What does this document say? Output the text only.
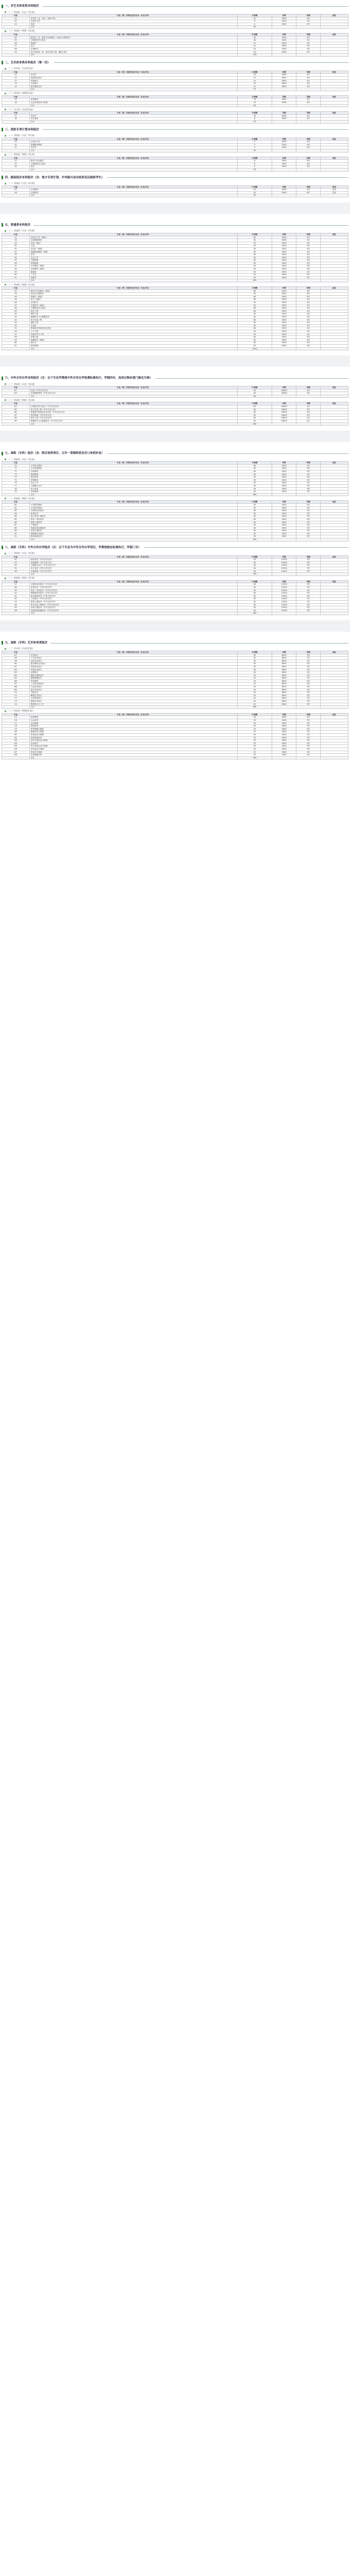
一、非艺术体育类本科批次
（一）普通类（历史）科目组
专业	专业（类）名称及包含专业（专业方向）	计划数	学费	学制	备注
01	法学类（含：法学、知识产权）	10	5500	4年	
02	汉语言文学	6	5500	4年	
03	英语	4	5500	4年	
	合计	20			
（二）普通类（物理）科目组
专业	专业（类）名称及包含专业（专业方向）	计划数	学费	学制	备注
04	数学类（含：数学与应用数学、信息与计算科学）	40	5500	4年	
05	计算机科学与技术	30	5500	4年	
06	物理学	12	5500	4年	
07	化学	12	5500	4年	
08	生物科学	10	5500	4年	
09	电子信息类（含：电子信息工程、通信工程）	24	5500	4年	
	合计	128			
二、艺术体育类本科批次（第一次）
（一）美术类（历史科目组）
专业	专业（类）名称及包含专业（专业方向）	计划数	学费	学制	备注
10	美术学	20	9000	4年	
11	视觉传达设计	15	9000	4年	
12	环境设计	15	9000	4年	
13	产品设计	10	9000	4年	
14	数字媒体艺术	10	9000	4年	
	合计	70			
（二）体育类（物理科目组）
专业	专业（类）名称及包含专业（专业方向）	计划数	学费	学制	备注
15	体育教育	30	5500	4年	
16	社会体育指导与管理	10	5500	4年	
	合计	40			
（三）音乐类（历史科目组）
专业	专业（类）名称及包含专业（专业方向）	计划数	学费	学制	备注
17	音乐学	16	9000	4年	
18	音乐表演	8	9000	4年	
	合计	24			
三、国家专项计划本科批次
（一）普通类（历史）科目组
专业	专业（类）名称及包含专业（专业方向）	计划数	学费	学制	备注
19	汉语言文学	5	5500	4年	
20	思想政治教育	5	5500	4年	
21	历史学	4	5500	4年	
	合计	14			
（二）普通类（物理）科目组
专业	专业（类）名称及包含专业（专业方向）	计划数	学费	学制	备注
22	数学与应用数学	6	5500	4年	
23	计算机科学与技术	6	5500	4年	
24	化学	4	5500	4年	
	合计	16			
四、提前批次本科批次（含：地方专项计划、乡村振兴定向培养及民族班学生）
（一）普通类（历史）科目组
专业	专业（类）名称及包含专业（专业方向）	计划数	学费	学制	备注
25	小学教育	20	5500	4年	定向
26	学前教育	20	5500	4年	定向
	合计	40			
五、普通类本科批次
（一）普通类（历史）科目组
专业	专业（类）名称及包含专业（专业方向）	计划数	学费	学制	备注
27	汉语言文学（师范）	60	5500	4年	
28	汉语国际教育	30	5500	4年	
29	英语（师范）	50	5500	4年	
30	日语	20	5500	4年	
31	历史学（师范）	40	5500	4年	
32	思想政治教育（师范）	40	5500	4年	
33	法学	40	5500	4年	
34	社会工作	30	5500	4年	
35	行政管理	30	5500	4年	
36	旅游管理	30	5500	4年	
37	小学教育（师范）	50	5500	4年	
38	学前教育（师范）	50	5500	4年	
39	新闻学	30	5500	4年	
40	广告学	30	5500	4年	
41	档案学	20	5500	4年	
	合计	550			
（二）普通类（物理）科目组
专业	专业（类）名称及包含专业（专业方向）	计划数	学费	学制	备注
42	数学与应用数学（师范）	80	5500	4年	
43	信息与计算科学	40	5500	4年	
44	物理学（师范）	60	5500	4年	
45	化学（师范）	60	5500	4年	
46	应用化学	40	5500	4年	
47	生物科学（师范）	50	5500	4年	
48	计算机科学与技术	80	5500	4年	
49	软件工程	60	5500	4年	
50	网络工程	40	5500	4年	
51	数据科学与大数据技术	40	5500	4年	
52	电子信息工程	60	5500	4年	
53	通信工程	40	5500	4年	
54	自动化	40	5500	4年	
55	机械设计制造及其自动化	60	5500	4年	
56	土木工程	50	5500	4年	
57	食品科学与工程	40	5500	4年	
58	环境工程	40	5500	4年	
59	地理科学（师范）	40	5500	4年	
60	统计学	30	5500	4年	
61	财务管理	40	5500	4年	
	合计	1010			
六、中外合作办学本科批次（注：以下专业学费按中外合作办学收费标准执行，学制四年，具体以物价部门核定为准）
（一）普通类（历史）科目组
专业	专业（类）名称及包含专业（专业方向）	计划数	学费	学制	备注
62	英语（中外合作办学）	40	18000	4年	
63	汉语国际教育（中外合作办学）	40	18000	4年	
	合计	80			
（二）普通类（物理）科目组
专业	专业（类）名称及包含专业（专业方向）	计划数	学费	学制	备注
64	计算机科学与技术（中外合作办学）	60	18000	4年	
65	电子信息工程（中外合作办学）	40	18000	4年	
66	机械设计制造及其自动化（中外合作办学）	40	18000	4年	
67	财务管理（中外合作办学）	40	18000	4年	
68	软件工程（中外合作办学）	40	18000	4年	
69	数据科学与大数据技术（中外合作办学）	40	18000	4年	
	合计	260			
七、高职（专科）批次（含：联合培养项目、五年一贯制转段及对口单招补录）
（一）普通类（历史）科目组
专业	专业（类）名称及包含专业（专业方向）	计划数	学费	学制	备注
70	小学语文教育	40	4500	3年	
71	小学英语教育	40	4500	3年	
72	学前教育	60	4500	3年	
73	旅游管理	30	4500	3年	
74	商务英语	30	4500	3年	
75	法律事务	30	4500	3年	
76	社会工作	30	4500	3年	
77	大数据与会计	40	4500	3年	
78	电子商务	30	4500	3年	
79	市场营销	30	4500	3年	
	合计	360			
（二）普通类（物理）科目组
专业	专业（类）名称及包含专业（专业方向）	计划数	学费	学制	备注
80	小学数学教育	40	4500	3年	
81	小学科学教育	30	4500	3年	
82	计算机应用技术	40	4500	3年	
83	软件技术	40	4500	3年	
84	电子信息工程技术	30	4500	3年	
85	机电一体化技术	40	4500	3年	
86	建筑工程技术	30	4500	3年	
87	工程造价	30	4500	3年	
88	食品检验检测技术	30	4500	3年	
89	环境工程技术	30	4500	3年	
90	物联网应用技术	30	4500	3年	
91	数字媒体技术	30	4500	3年	
	合计	400			
八、高职（专科）中外合作办学批次（注：以下专业为中外合作办学项目，学费按核定标准执行，学制三年）
（一）普通类（历史）科目组
专业	专业（类）名称及包含专业（专业方向）	计划数	学费	学制	备注
92	商务英语（中外合作办学）	40	12000	3年	
93	旅游管理（中外合作办学）	40	12000	3年	
94	大数据与会计（中外合作办学）	40	12000	3年	
95	电子商务（中外合作办学）	40	12000	3年	
96	市场营销（中外合作办学）	40	12000	3年	
	合计	200			
（二）普通类（物理）科目组
专业	专业（类）名称及包含专业（专业方向）	计划数	学费	学制	备注
97	计算机应用技术（中外合作办学）	40	12000	3年	
98	软件技术（中外合作办学）	40	12000	3年	
99	机电一体化技术（中外合作办学）	40	12000	3年	
A0	物联网应用技术（中外合作办学）	40	12000	3年	
A1	数字媒体技术（中外合作办学）	40	12000	3年	
A2	工程造价（中外合作办学）	40	12000	3年	
A3	建筑工程技术（中外合作办学）	40	12000	3年	
A4	电子信息工程技术（中外合作办学）	40	12000	3年	
A5	环境工程技术（中外合作办学）	40	12000	3年	
A6	食品检验检测技术（中外合作办学）	40	12000	3年	
	合计	400			
九、高职（专科）艺术体育类批次
（一）美术类（历史科目组）
专业	专业（类）名称及包含专业（专业方向）	计划数	学费	学制	备注
A7	艺术设计	30	8000	3年	
A8	广告艺术设计	30	8000	3年	
A9	室内艺术设计	30	8000	3年	
B0	数字媒体艺术设计	30	8000	3年	
B1	视觉传达设计	30	8000	3年	
B2	环境艺术设计	30	8000	3年	
B3	动漫设计	30	8000	3年	
B4	服装与服饰设计	20	8000	3年	
B5	摄影摄像技术	20	8000	3年	
B6	美术教育	20	8000	3年	
B7	工艺美术品设计	20	8000	3年	
B8	产品艺术设计	20	8000	3年	
B9	展示艺术设计	20	8000	3年	
C0	书画艺术	20	8000	3年	
C1	雕刻艺术设计	20	8000	3年	
C2	人物形象设计	20	8000	3年	
C3	游戏艺术设计	20	8000	3年	
C4	陶瓷设计与工艺	20	8000	3年	
	合计	460			
（二）体育类（物理科目组）
专业	专业（类）名称及包含专业（专业方向）	计划数	学费	学制	备注
C5	体育教育	30	4500	3年	
C6	社会体育	20	4500	3年	
C7	运动训练	20	4500	3年	
C8	休闲体育	20	4500	3年	
C9	体育保健与康复	20	4500	3年	
D0	健身指导与管理	20	4500	3年	
D1	体育运营与管理	20	4500	3年	
D2	民族传统体育	20	4500	3年	
D3	高尔夫球运动与管理	20	4500	3年	
D4	运动防护	20	4500	3年	
D5	电子竞技运动与管理	20	4500	3年	
D6	冰雪运动与管理	20	4500	3年	
D7	体育艺术表演	20	4500	3年	
D8	运动数据分析	20	4500	3年	
	合计	290			
